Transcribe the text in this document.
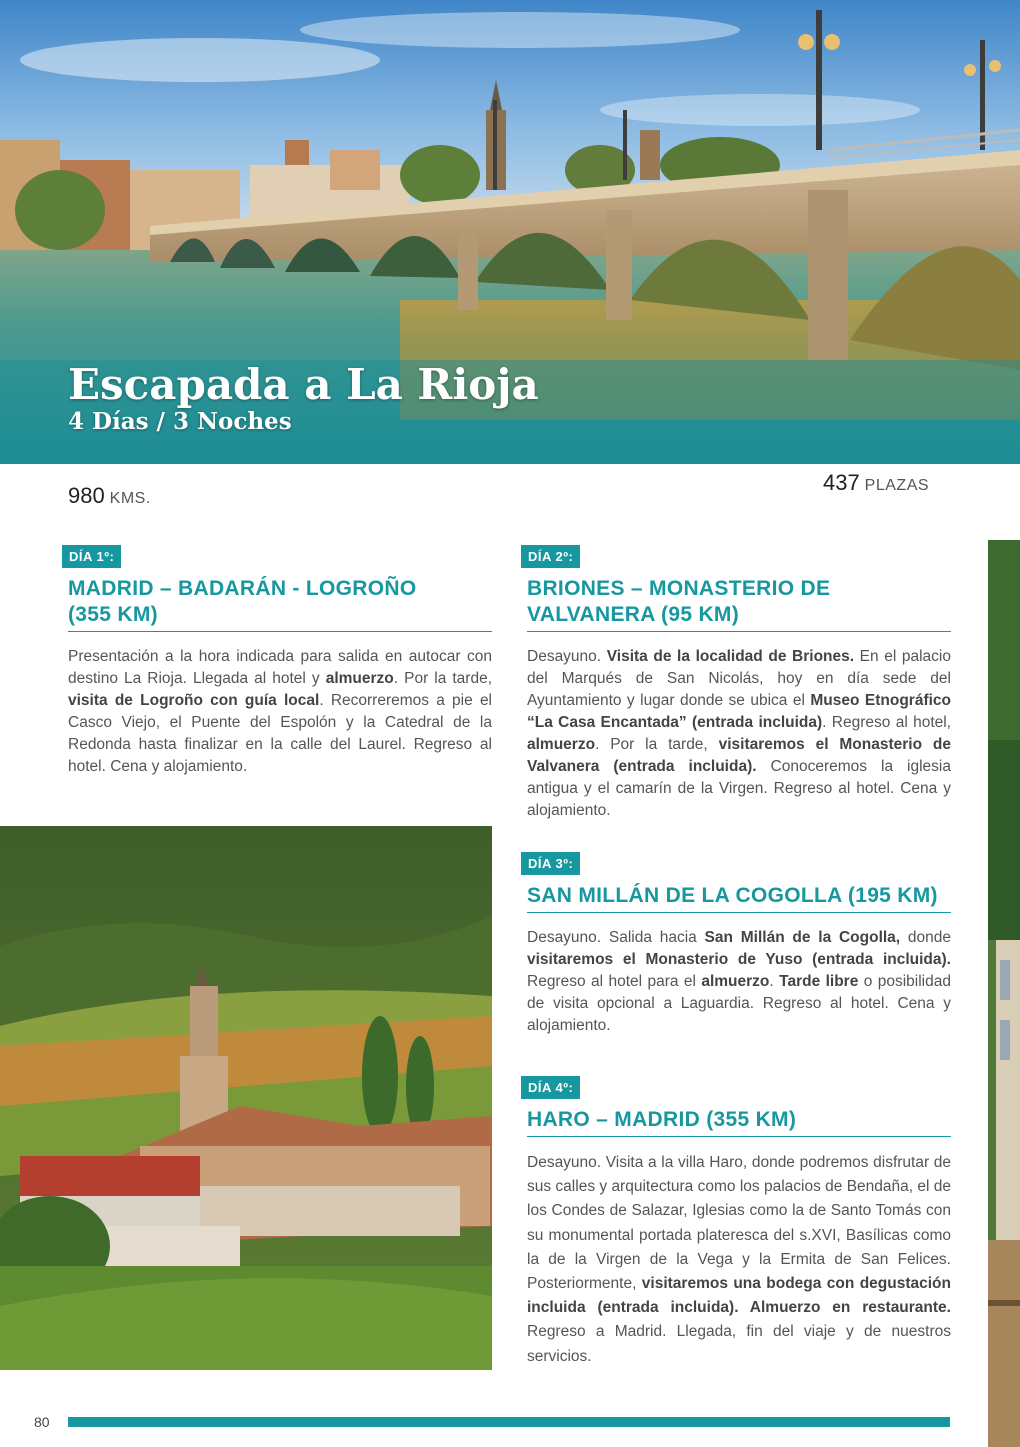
Escapada a La Rioja
4 Días / 3 Noches
980 KMS.
437 PLAZAS
DÍA 1º:
MADRID – BADARÁN - LOGROÑO
(355 KM)
Presentación a la hora indicada para salida en autocar con destino La Rioja. Llegada al hotel y almuerzo. Por la tarde, visita de Logroño con guía local. Recorreremos a pie el Casco Viejo, el Puente del Espolón y la Catedral de la Redonda hasta finalizar en la calle del Laurel. Regreso al hotel. Cena y alojamiento.
DÍA 2º:
BRIONES – MONASTERIO DE
VALVANERA (95 KM)
Desayuno. Visita de la localidad de Briones. En el palacio del Marqués de San Nicolás, hoy en día sede del Ayuntamiento y lugar donde se ubica el Museo Etnográfico “La Casa Encantada” (entrada incluida). Regreso al hotel, almuerzo. Por la tarde, visitaremos el Monasterio de Valvanera (entrada incluida). Conoceremos la iglesia antigua y el camarín de la Virgen. Regreso al hotel. Cena y alojamiento.
DÍA 3º:
SAN MILLÁN DE LA COGOLLA (195 KM)
Desayuno. Salida hacia San Millán de la Cogolla, donde visitaremos el Monasterio de Yuso (entrada incluida). Regreso al hotel para el almuerzo. Tarde libre o posibilidad de visita opcional a Laguardia. Regreso al hotel. Cena y alojamiento.
DÍA 4º:
HARO – MADRID (355 KM)
Desayuno. Visita a la villa Haro, donde podremos disfrutar de sus calles y arquitectura como los palacios de Bendaña, el de los Condes de Salazar, Iglesias como la de Santo Tomás con su monumental portada plateresca del s.XVI, Basílicas como la de la Virgen de la Vega y la Ermita de San Felices. Posteriormente, visitaremos una bodega con degustación incluida (entrada incluida). Almuerzo en restaurante. Regreso a Madrid. Llegada, fin del viaje y de nuestros servicios.
80
